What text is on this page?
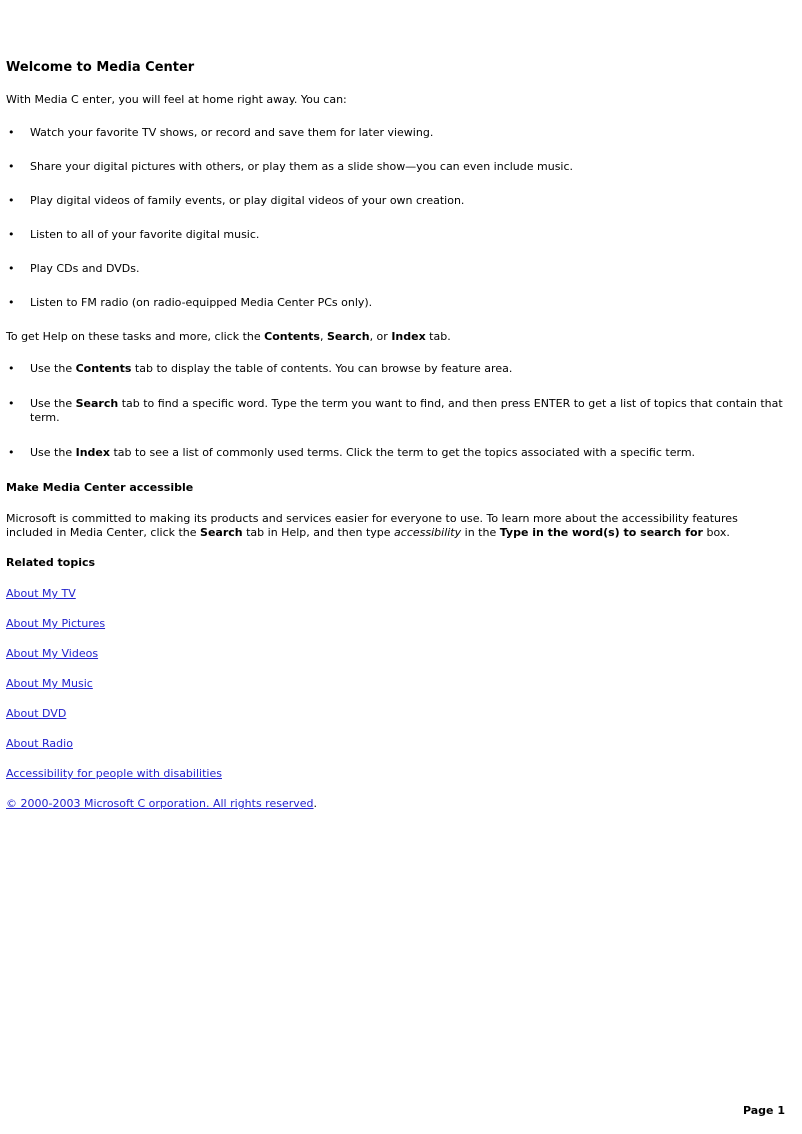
Welcome to Media Center

With Media C enter, you will feel at home right away. You can:

• Watch your favorite TV shows, or record and save them for later viewing.
• Share your digital pictures with others, or play them as a slide show—you can even include music.
• Play digital videos of family events, or play digital videos of your own creation.
• Listen to all of your favorite digital music.
• Play CDs and DVDs.
• Listen to FM radio (on radio-equipped Media Center PCs only).

To get Help on these tasks and more, click the Contents, Search, or Index tab.

• Use the Contents tab to display the table of contents. You can browse by feature area.
• Use the Search tab to find a specific word. Type the term you want to find, and then press ENTER to get a list of topics that contain that term.
• Use the Index tab to see a list of commonly used terms. Click the term to get the topics associated with a specific term.
Make Media Center accessible

Microsoft is committed to making its products and services easier for everyone to use. To learn more about the accessibility features included in Media Center, click the Search tab in Help, and then type accessibility in the Type in the word(s) to search for box.

Related topics

About My TV

About My Pictures

About My Videos

About My Music

About DVD

About Radio

Accessibility for people with disabilities

© 2000-2003 Microsoft C orporation. All rights reserved.

Page 1
